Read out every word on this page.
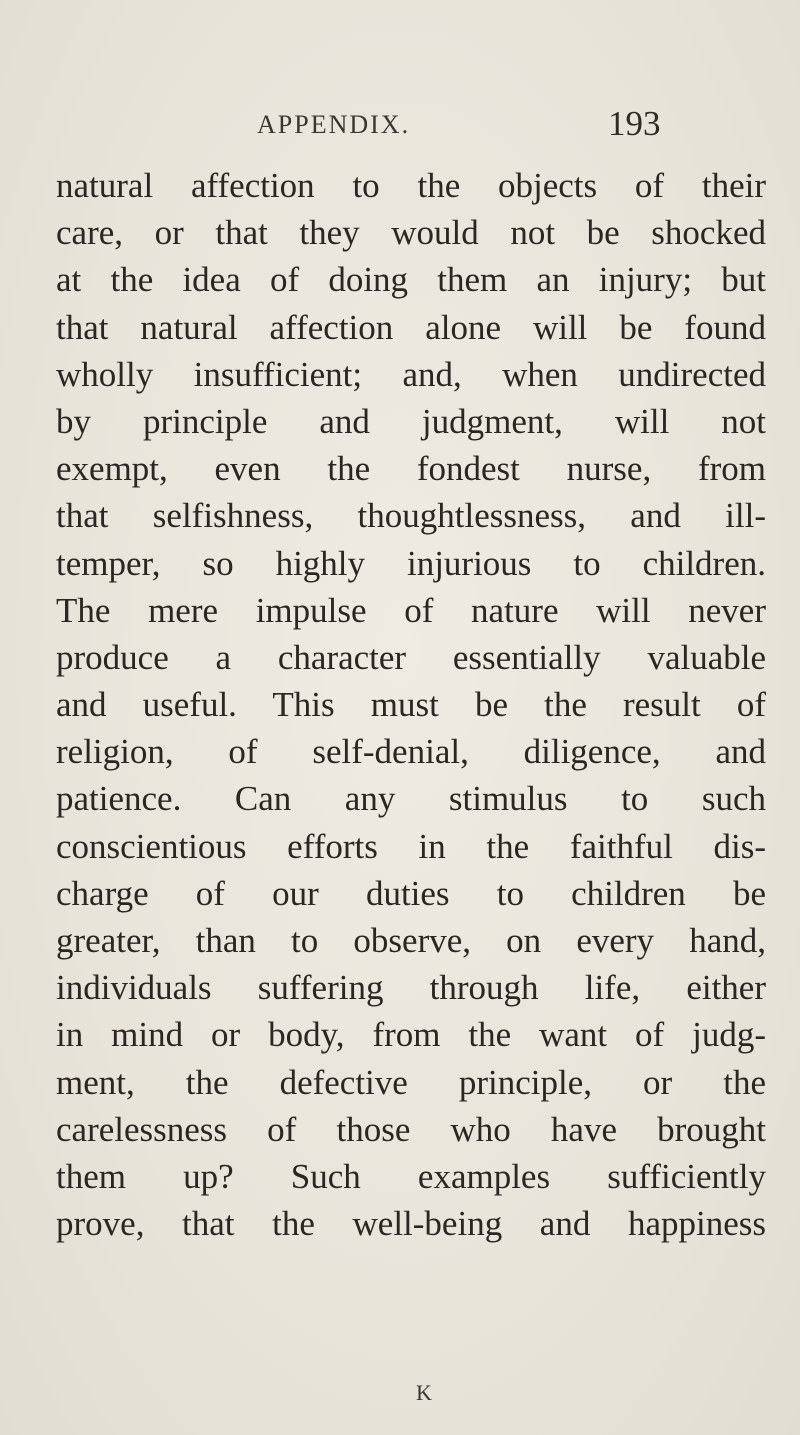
APPENDIX.	193
natural affection to the objects of their
care, or that they would not be shocked
at the idea of doing them an injury; but
that natural affection alone will be found
wholly insufficient; and, when undirected
by principle and judgment, will not
exempt, even the fondest nurse, from
that selfishness, thoughtlessness, and ill-
temper, so highly injurious to children.
The mere impulse of nature will never
produce a character essentially valuable
and useful. This must be the result of
religion, of self-denial, diligence, and
patience. Can any stimulus to such
conscientious efforts in the faithful dis-
charge of our duties to children be
greater, than to observe, on every hand,
individuals suffering through life, either
in mind or body, from the want of judg-
ment, the defective principle, or the
carelessness of those who have brought
them up? Such examples sufficiently
prove, that the well-being and happiness
K
